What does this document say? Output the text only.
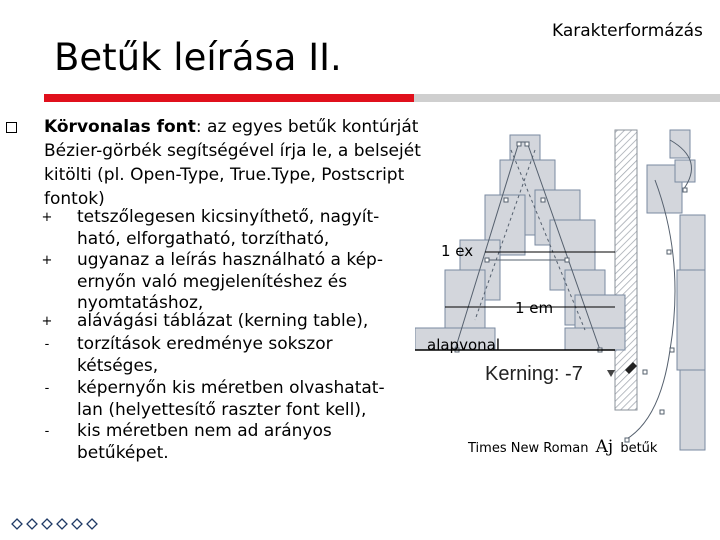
Karakterformázás
Betűk leírása II.
Körvonalas font: az egyes betűk kontúrját Bézier-görbék segítségével írja le, a belsejét kitölti (pl. Open-Type, True.Type, Postscript fontok)
+ tetszőlegesen kicsinyíthető, nagyít-
ható, elforgatható, torzítható,
+ ugyanaz a leírás használható a kép-
ernyőn való megjelenítéshez és
nyomtatáshoz,
+ alávágási táblázat (kerning table),
- torzítások eredménye sokszor
kétséges,
- képernyőn kis méretben olvashatat-
lan (helyettesítő raszter font kell),
- kis méretben nem ad arányos
betűképet.
1 ex
1 em
alapvonal
Kerning: -7
Times New Roman Aj betűk
